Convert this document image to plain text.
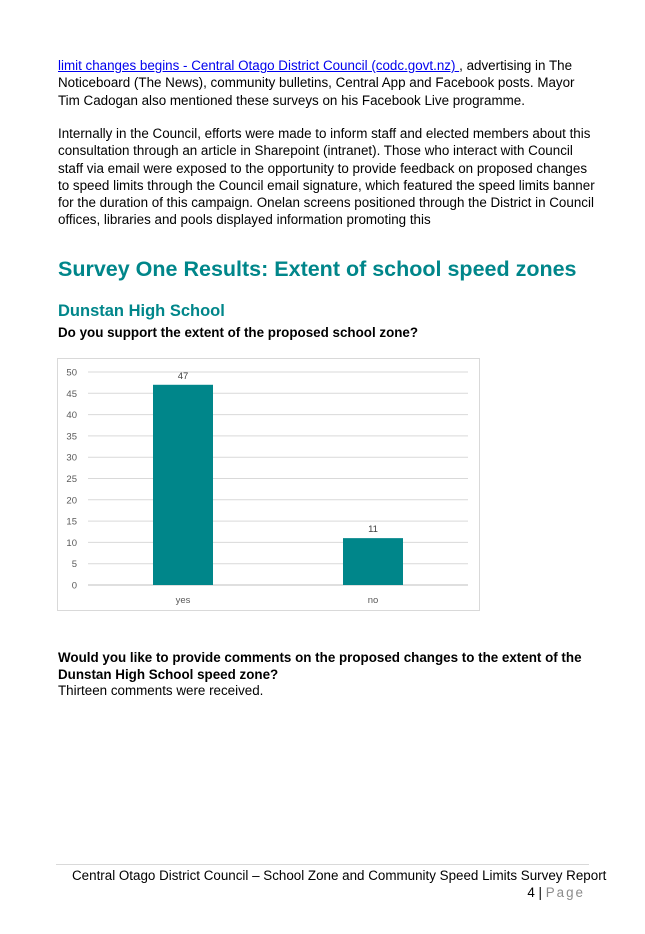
limit changes begins - Central Otago District Council (codc.govt.nz) , advertising in The Noticeboard (The News), community bulletins, Central App and Facebook posts. Mayor Tim Cadogan also mentioned these surveys on his Facebook Live programme.

Internally in the Council, efforts were made to inform staff and elected members about this consultation through an article in Sharepoint (intranet). Those who interact with Council staff via email were exposed to the opportunity to provide feedback on proposed changes to speed limits through the Council email signature, which featured the speed limits banner for the duration of this campaign. Onelan screens positioned through the District in Council offices, libraries and pools displayed information promoting this

Survey One Results: Extent of school speed zones
Dunstan High School

Do you support the extent of the proposed school zone?

0
5
10
15
20
25
30
35
40
45
50	47
11
yes	no

Would you like to provide comments on the proposed changes to the extent of the Dunstan High School speed zone?

Thirteen comments were received.

Central Otago District Council – School Zone and Community Speed Limits Survey Report

4 | Page
